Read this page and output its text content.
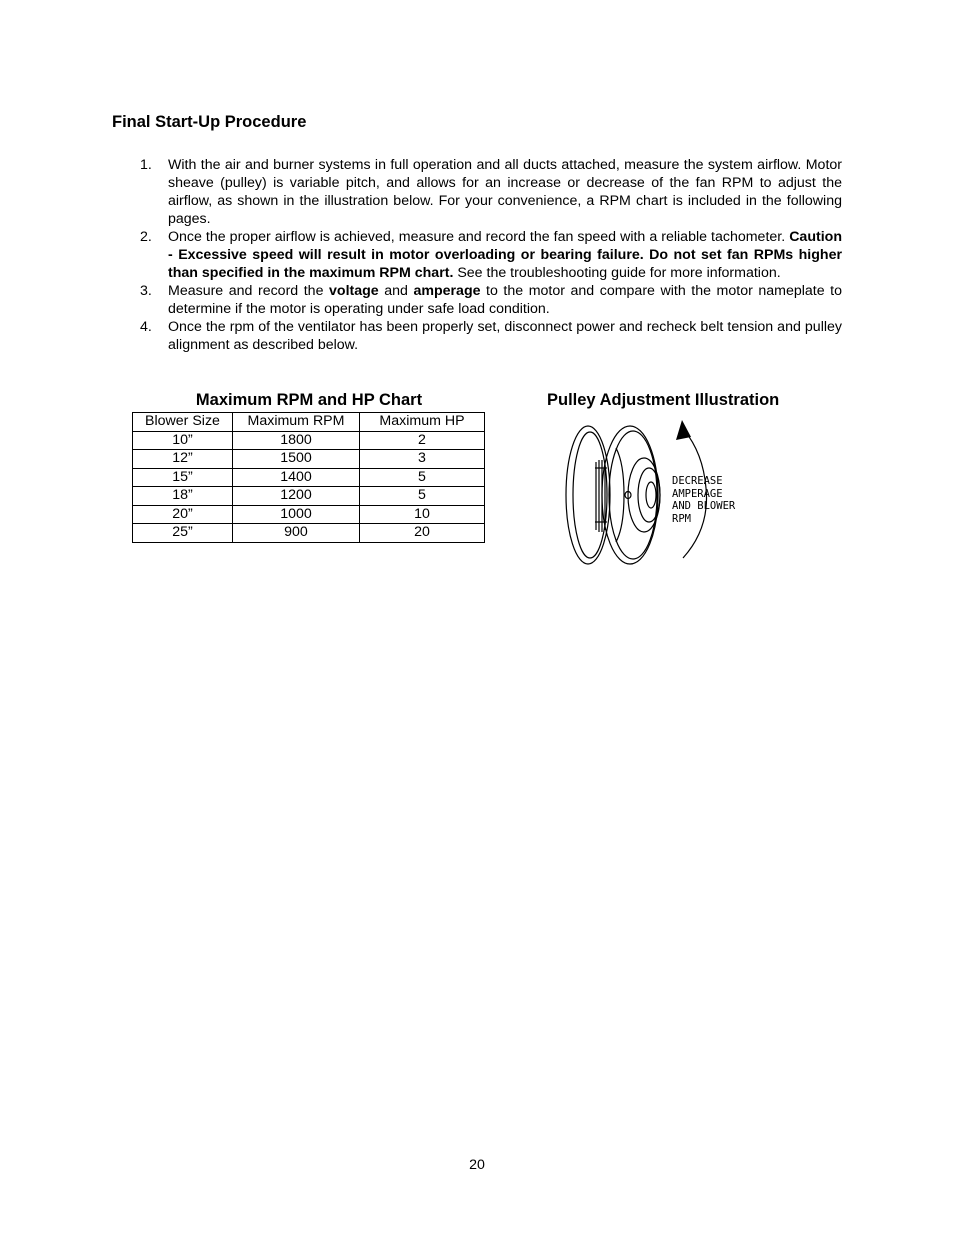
Final Start-Up Procedure
1. With the air and burner systems in full operation and all ducts attached, measure the system airflow. Motor sheave (pulley) is variable pitch, and allows for an increase or decrease of the fan RPM to adjust the airflow, as shown in the illustration below. For your convenience, a RPM chart is included in the following pages.
2. Once the proper airflow is achieved, measure and record the fan speed with a reliable tachometer. Caution - Excessive speed will result in motor overloading or bearing failure. Do not set fan RPMs higher than specified in the maximum RPM chart. See the troubleshooting guide for more information.
3. Measure and record the voltage and amperage to the motor and compare with the motor nameplate to determine if the motor is operating under safe load condition.
4. Once the rpm of the ventilator has been properly set, disconnect power and recheck belt tension and pulley alignment as described below.
Maximum RPM and HP Chart
Blower Size	Maximum RPM	Maximum HP
10”	1800	2
12”	1500	3
15”	1400	5
18”	1200	5
20”	1000	10
25”	900	20
Pulley Adjustment Illustration
DECREASE
AMPERAGE
AND BLOWER
RPM
20
